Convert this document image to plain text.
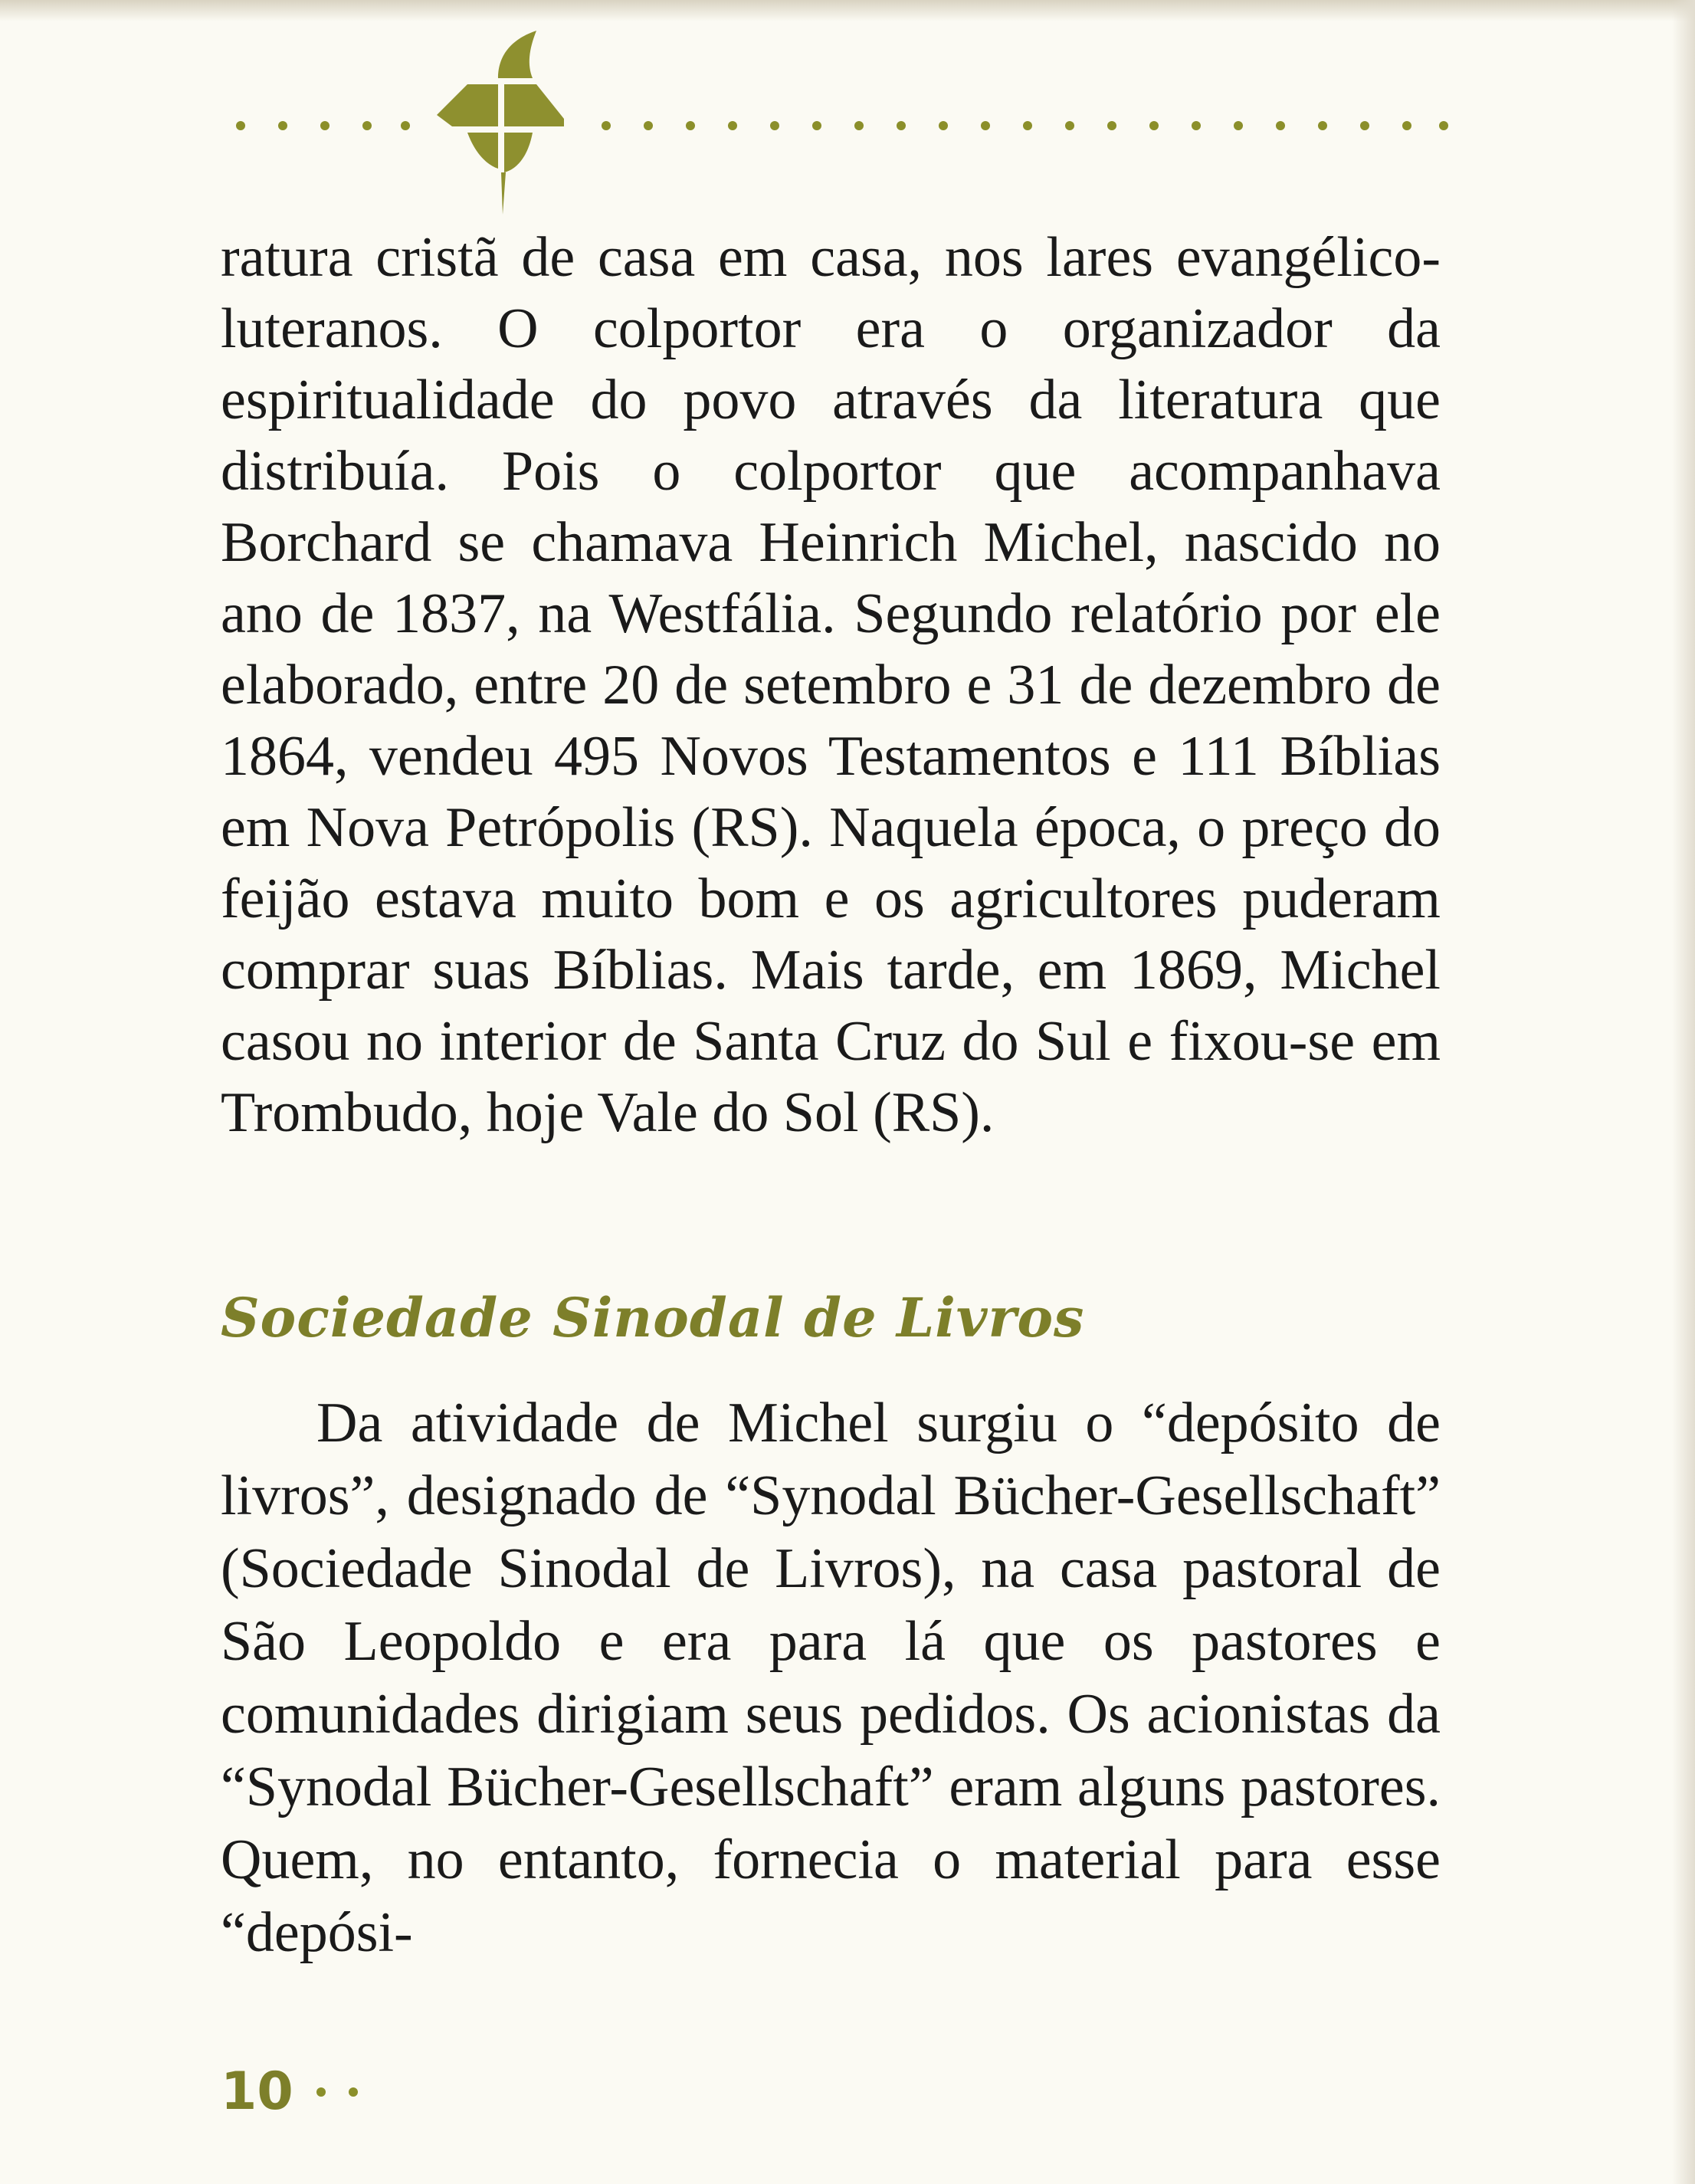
ratura cristã de casa em casa, nos lares evangélico-luteranos. O colportor era o organizador da espiritualidade do povo através da literatura que distribuía. Pois o colportor que acompanhava Borchard se chamava Heinrich Michel, nascido no ano de 1837, na Westfália. Segundo relatório por ele elaborado, entre 20 de setembro e 31 de dezembro de 1864, vendeu 495 Novos Testamentos e 111 Bíblias em Nova Petrópolis (RS). Naquela época, o preço do feijão estava muito bom e os agricultores puderam comprar suas Bíblias. Mais tarde, em 1869, Michel casou no interior de Santa Cruz do Sul e fixou-se em Trombudo, hoje Vale do Sol (RS).

Sociedade Sinodal de Livros

Da atividade de Michel surgiu o “depósito de livros”, designado de “Synodal Bücher-Gesellschaft” (Sociedade Sinodal de Livros), na casa pastoral de São Leopoldo e era para lá que os pastores e comunidades dirigiam seus pedidos. Os acionistas da “Synodal Bücher-Gesellschaft” eram alguns pastores. Quem, no entanto, fornecia o material para esse “depósi-

10
